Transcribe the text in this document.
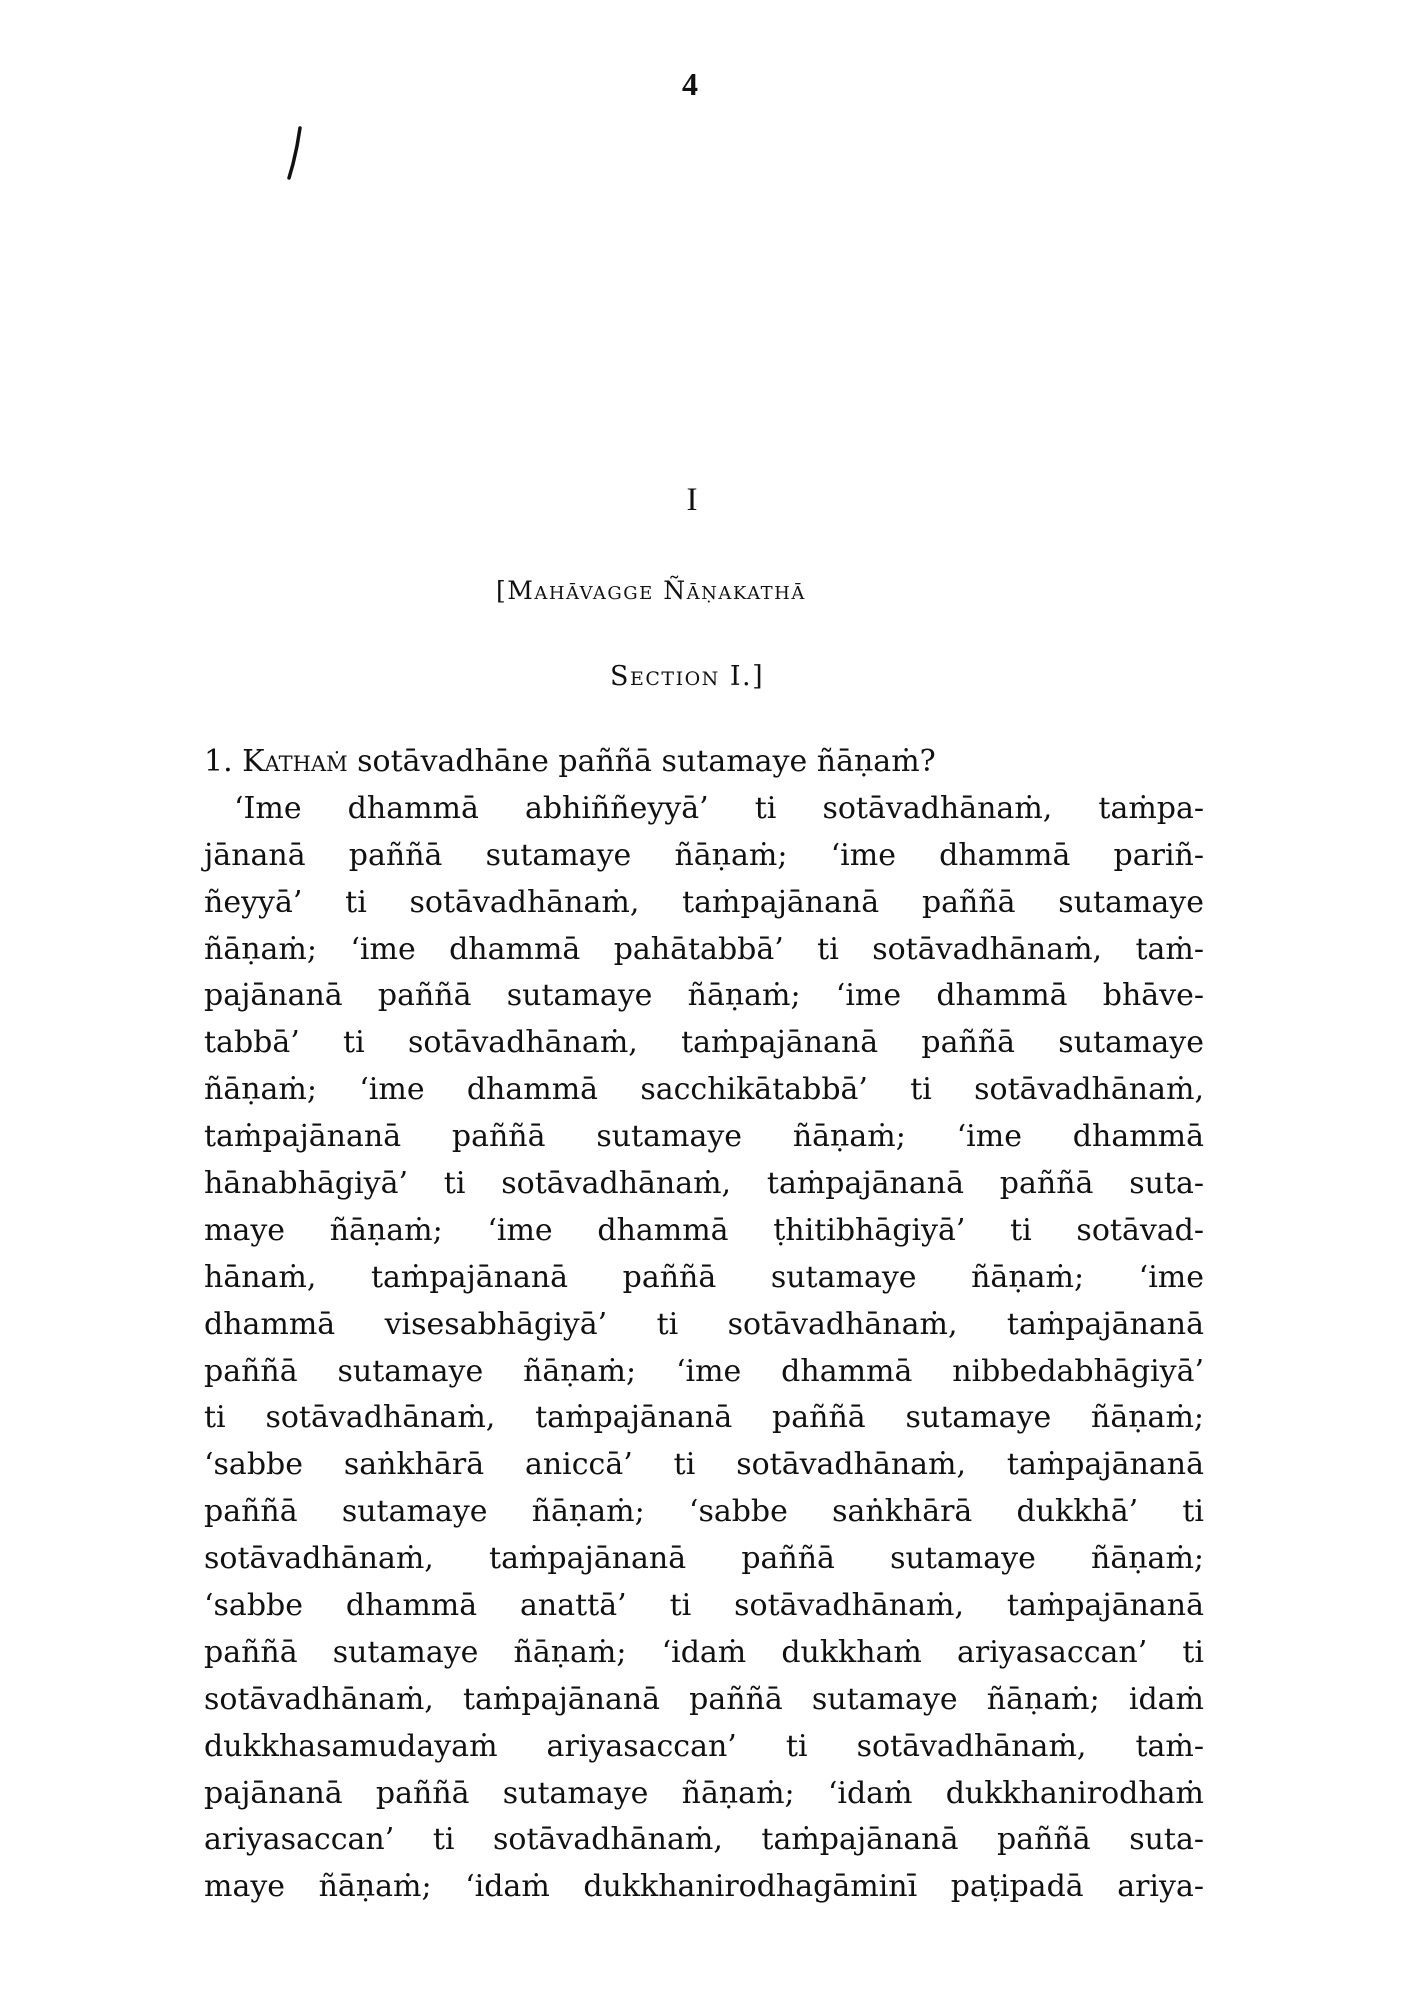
4
I
[Mahāvagge Ñāṇakathā
Section I.]
1. Kathaṁ sotāvadhāne paññā sutamaye ñāṇaṁ?
‘Ime dhammā abhiññeyyā’ ti sotāvadhānaṁ, taṁpa-
jānanā paññā sutamaye ñāṇaṁ; ‘ime dhammā pariñ-
ñeyyā’ ti sotāvadhānaṁ, taṁpajānanā paññā sutamaye
ñāṇaṁ; ‘ime dhammā pahātabbā’ ti sotāvadhānaṁ, taṁ-
pajānanā paññā sutamaye ñāṇaṁ; ‘ime dhammā bhāve-
tabbā’ ti sotāvadhānaṁ, taṁpajānanā paññā sutamaye
ñāṇaṁ; ‘ime dhammā sacchikātabbā’ ti sotāvadhānaṁ,
taṁpajānanā paññā sutamaye ñāṇaṁ; ‘ime dhammā
hānabhāgiyā’ ti sotāvadhānaṁ, taṁpajānanā paññā suta-
maye ñāṇaṁ; ‘ime dhammā ṭhitibhāgiyā’ ti sotāvad-
hānaṁ, taṁpajānanā paññā sutamaye ñāṇaṁ; ‘ime
dhammā visesabhāgiyā’ ti sotāvadhānaṁ, taṁpajānanā
paññā sutamaye ñāṇaṁ; ‘ime dhammā nibbedabhāgiyā’
ti sotāvadhānaṁ, taṁpajānanā paññā sutamaye ñāṇaṁ;
‘sabbe saṅkhārā aniccā’ ti sotāvadhānaṁ, taṁpajānanā
paññā sutamaye ñāṇaṁ; ‘sabbe saṅkhārā dukkhā’ ti
sotāvadhānaṁ, taṁpajānanā paññā sutamaye ñāṇaṁ;
‘sabbe dhammā anattā’ ti sotāvadhānaṁ, taṁpajānanā
paññā sutamaye ñāṇaṁ; ‘idaṁ dukkhaṁ ariyasaccan’ ti
sotāvadhānaṁ, taṁpajānanā paññā sutamaye ñāṇaṁ; idaṁ
dukkhasamudayaṁ ariyasaccan’ ti sotāvadhānaṁ, taṁ-
pajānanā paññā sutamaye ñāṇaṁ; ‘idaṁ dukkhanirodhaṁ
ariyasaccan’ ti sotāvadhānaṁ, taṁpajānanā paññā suta-
maye ñāṇaṁ; ‘idaṁ dukkhanirodhagāminī paṭipadā ariya-
